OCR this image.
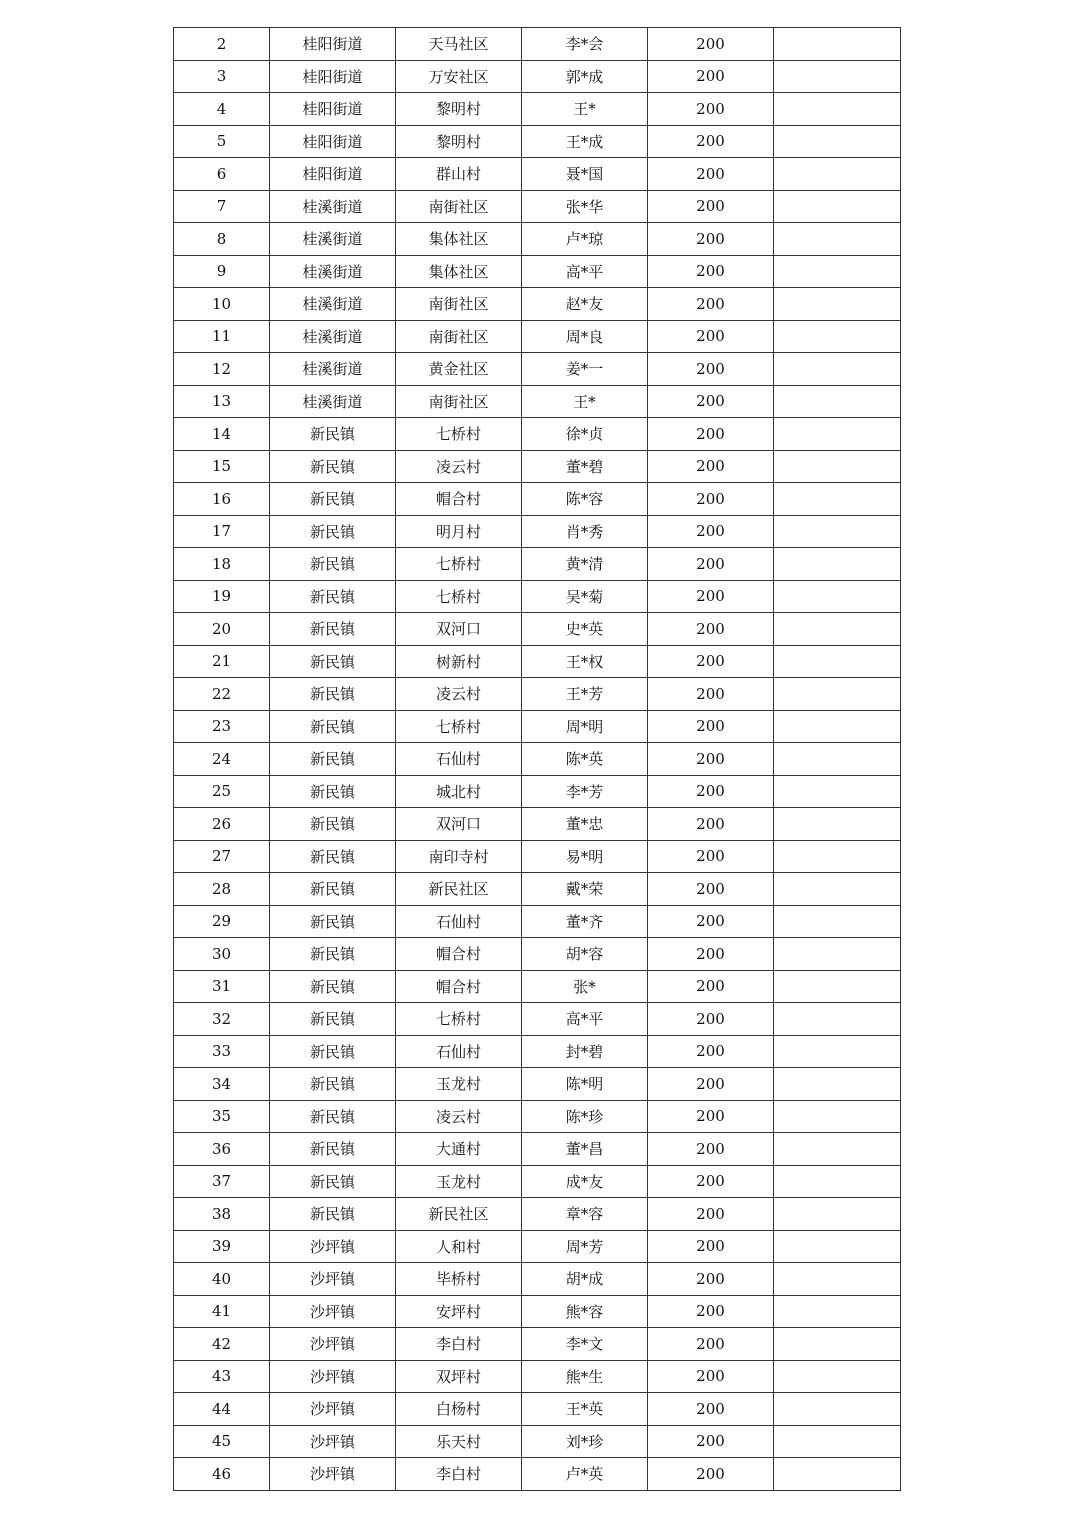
2	桂阳街道	天马社区	李*会	200	
3	桂阳街道	万安社区	郭*成	200	
4	桂阳街道	黎明村	王*	200	
5	桂阳街道	黎明村	王*成	200	
6	桂阳街道	群山村	聂*国	200	
7	桂溪街道	南街社区	张*华	200	
8	桂溪街道	集体社区	卢*琼	200	
9	桂溪街道	集体社区	高*平	200	
10	桂溪街道	南街社区	赵*友	200	
11	桂溪街道	南街社区	周*良	200	
12	桂溪街道	黄金社区	姜*一	200	
13	桂溪街道	南街社区	王*	200	
14	新民镇	七桥村	徐*贞	200	
15	新民镇	凌云村	董*碧	200	
16	新民镇	帽合村	陈*容	200	
17	新民镇	明月村	肖*秀	200	
18	新民镇	七桥村	黄*清	200	
19	新民镇	七桥村	吴*菊	200	
20	新民镇	双河口	史*英	200	
21	新民镇	树新村	王*权	200	
22	新民镇	凌云村	王*芳	200	
23	新民镇	七桥村	周*明	200	
24	新民镇	石仙村	陈*英	200	
25	新民镇	城北村	李*芳	200	
26	新民镇	双河口	董*忠	200	
27	新民镇	南印寺村	易*明	200	
28	新民镇	新民社区	戴*荣	200	
29	新民镇	石仙村	董*齐	200	
30	新民镇	帽合村	胡*容	200	
31	新民镇	帽合村	张*	200	
32	新民镇	七桥村	高*平	200	
33	新民镇	石仙村	封*碧	200	
34	新民镇	玉龙村	陈*明	200	
35	新民镇	凌云村	陈*珍	200	
36	新民镇	大通村	董*昌	200	
37	新民镇	玉龙村	成*友	200	
38	新民镇	新民社区	章*容	200	
39	沙坪镇	人和村	周*芳	200	
40	沙坪镇	毕桥村	胡*成	200	
41	沙坪镇	安坪村	熊*容	200	
42	沙坪镇	李白村	李*文	200	
43	沙坪镇	双坪村	熊*生	200	
44	沙坪镇	白杨村	王*英	200	
45	沙坪镇	乐天村	刘*珍	200	
46	沙坪镇	李白村	卢*英	200	
